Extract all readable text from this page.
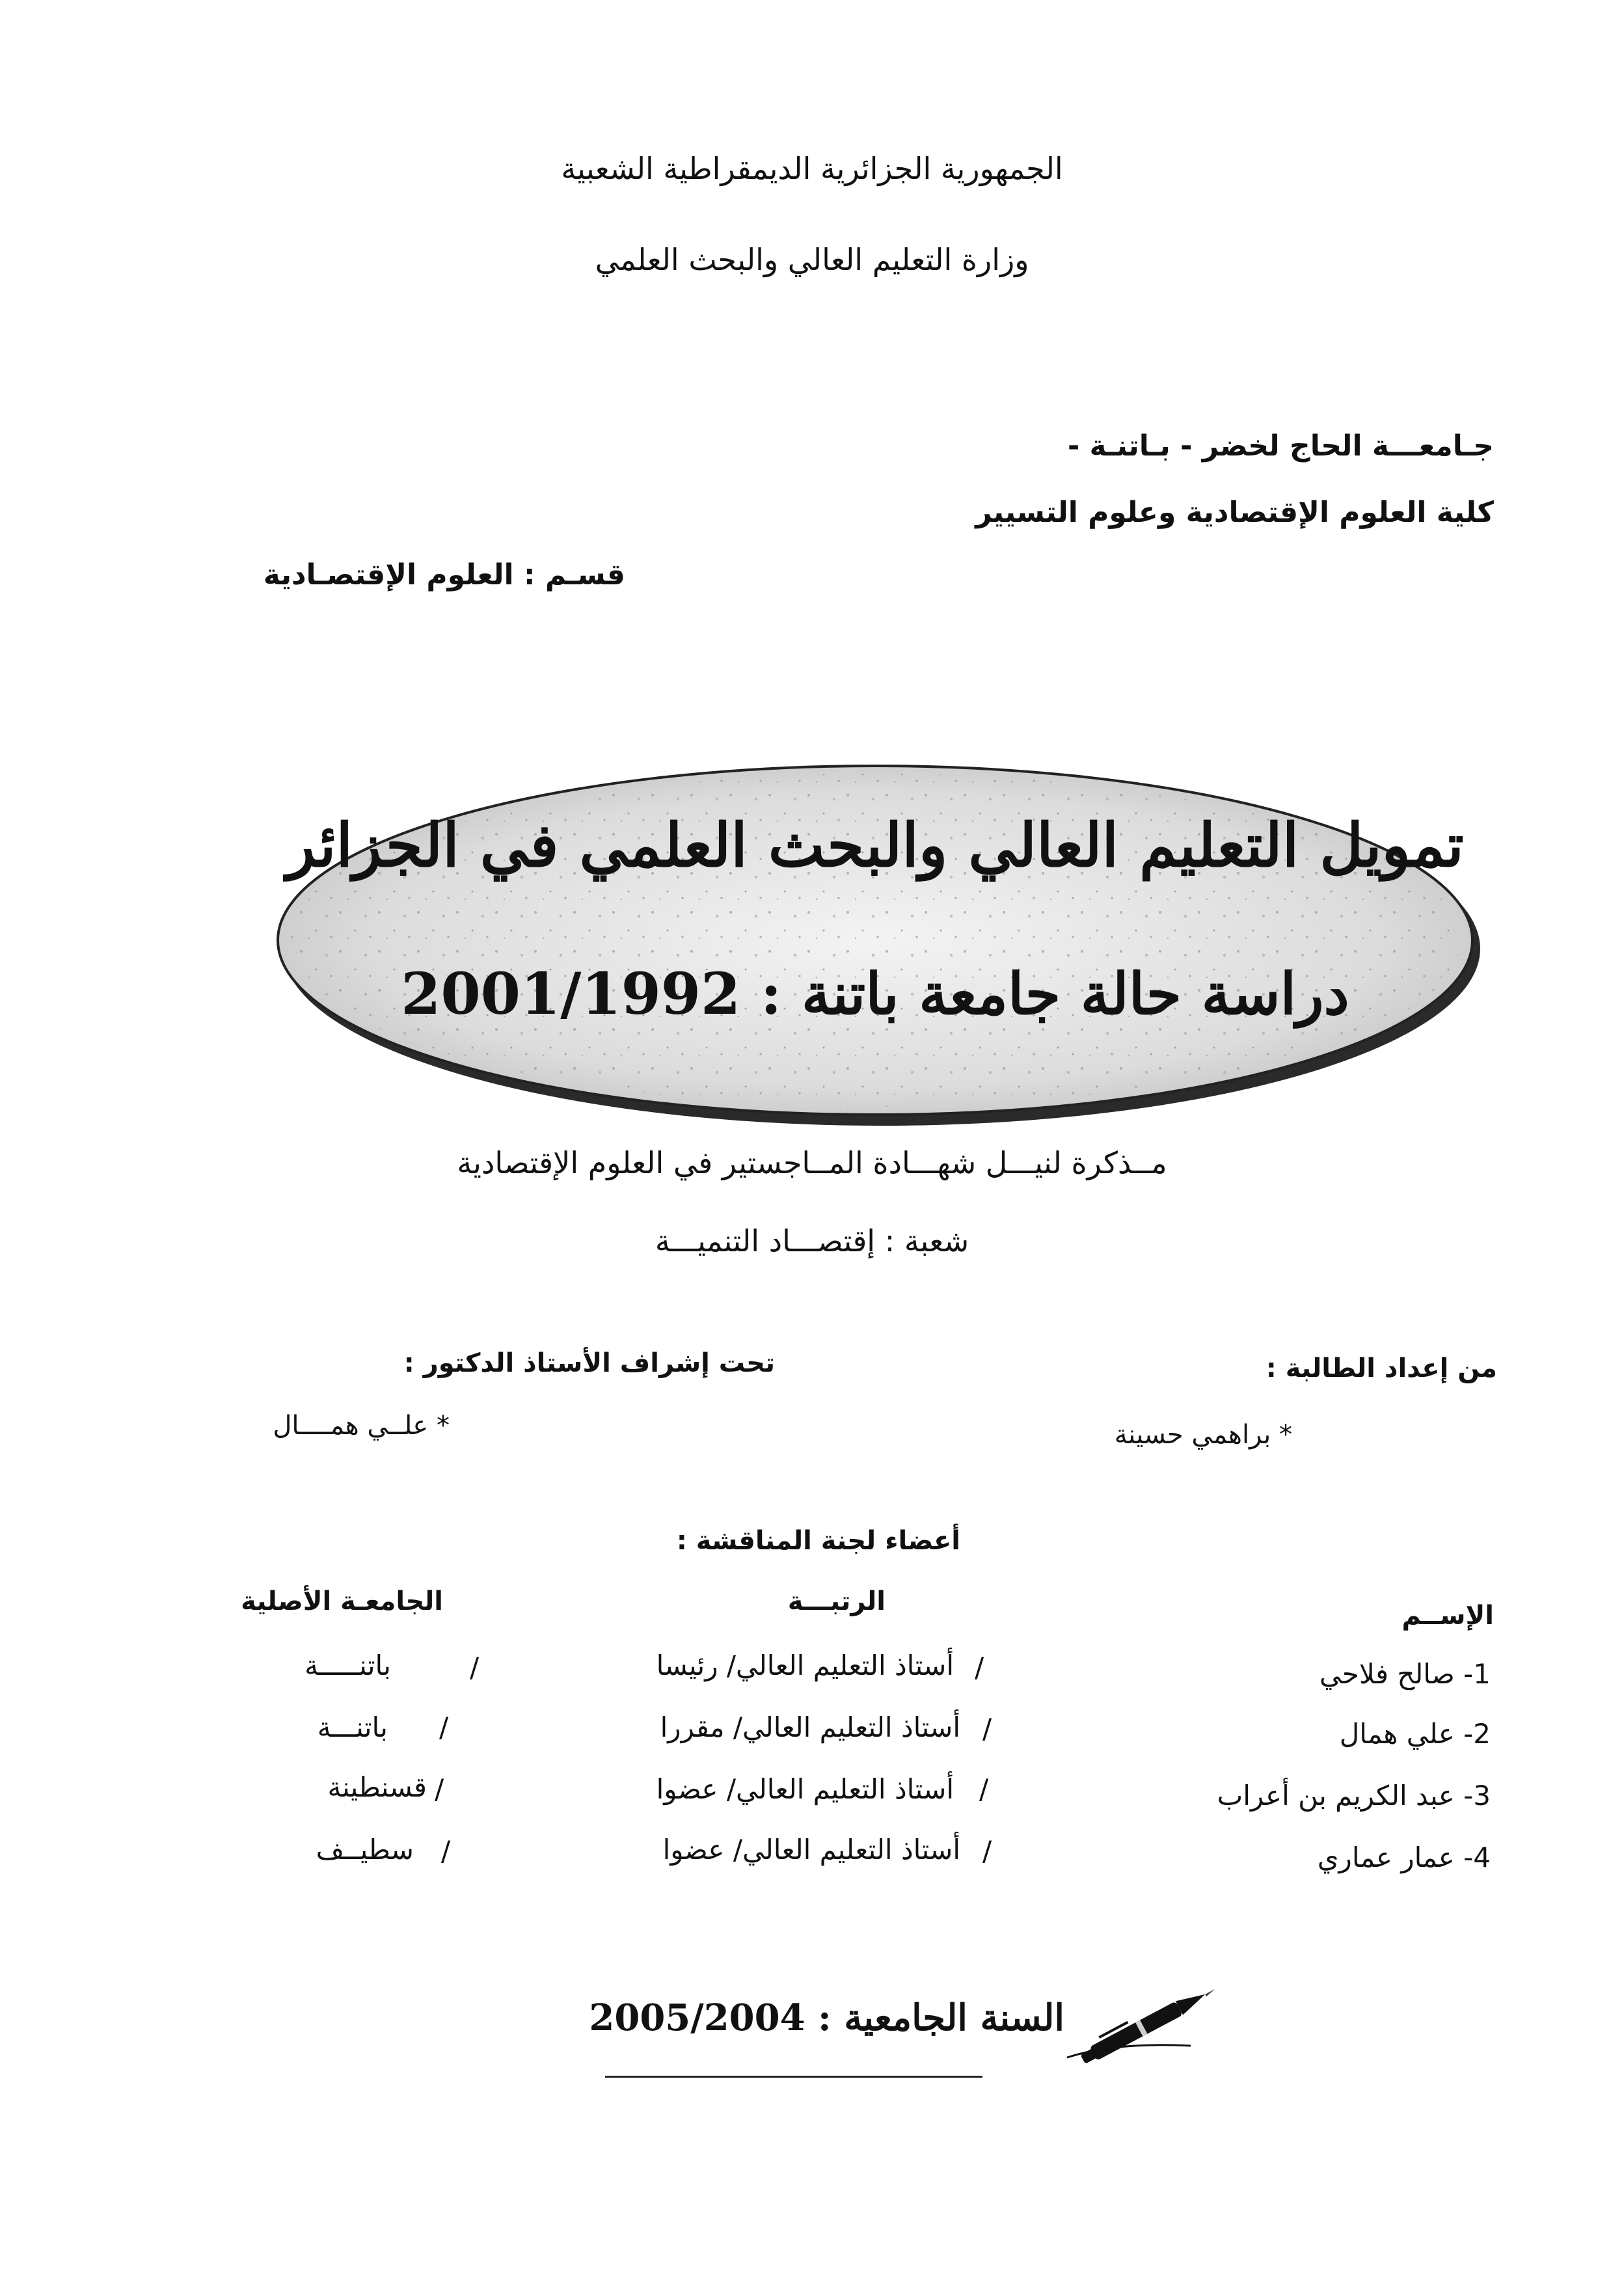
الجمهورية الجزائرية الديمقراطية الشعبية
وزارة التعليم العالي والبحث العلمي
جـامعـــة الحاج لخضر - بـاتنـة -
كلية العلوم الإقتصادية وعلوم التسيير
قسـم : العلوم الإقتصـادية
تمويل التعليم العالي والبحث العلمي في الجزائر
دراسة حالة جامعة باتنة : 2001/1992
مــذكرة لنيـــل شهـــادة المــاجستير في العلوم الإقتصادية
شعبة : إقتصـــاد التنميـــة
من إعداد الطالبة :
* براهمي حسينة
تحت إشراف الأستاذ الدكتور :
* علــي همــــال
أعضاء لجنة المناقشة :
الإســم
الرتبـــة
الجامعـة الأصلية
1- صالح فلاحي
/
أستاذ التعليم العالي/ رئيسا
/
باتنـــــة
2- علي همال
/
أستاذ التعليم العالي/ مقررا
/
باتنـــة
3- عبد الكريم بن أعراب
/
أستاذ التعليم العالي/ عضوا
/
قسنطينة
4- عمار عماري
/
أستاذ التعليم العالي/ عضوا
/
سطيــف
السنة الجامعية : 2005/2004
